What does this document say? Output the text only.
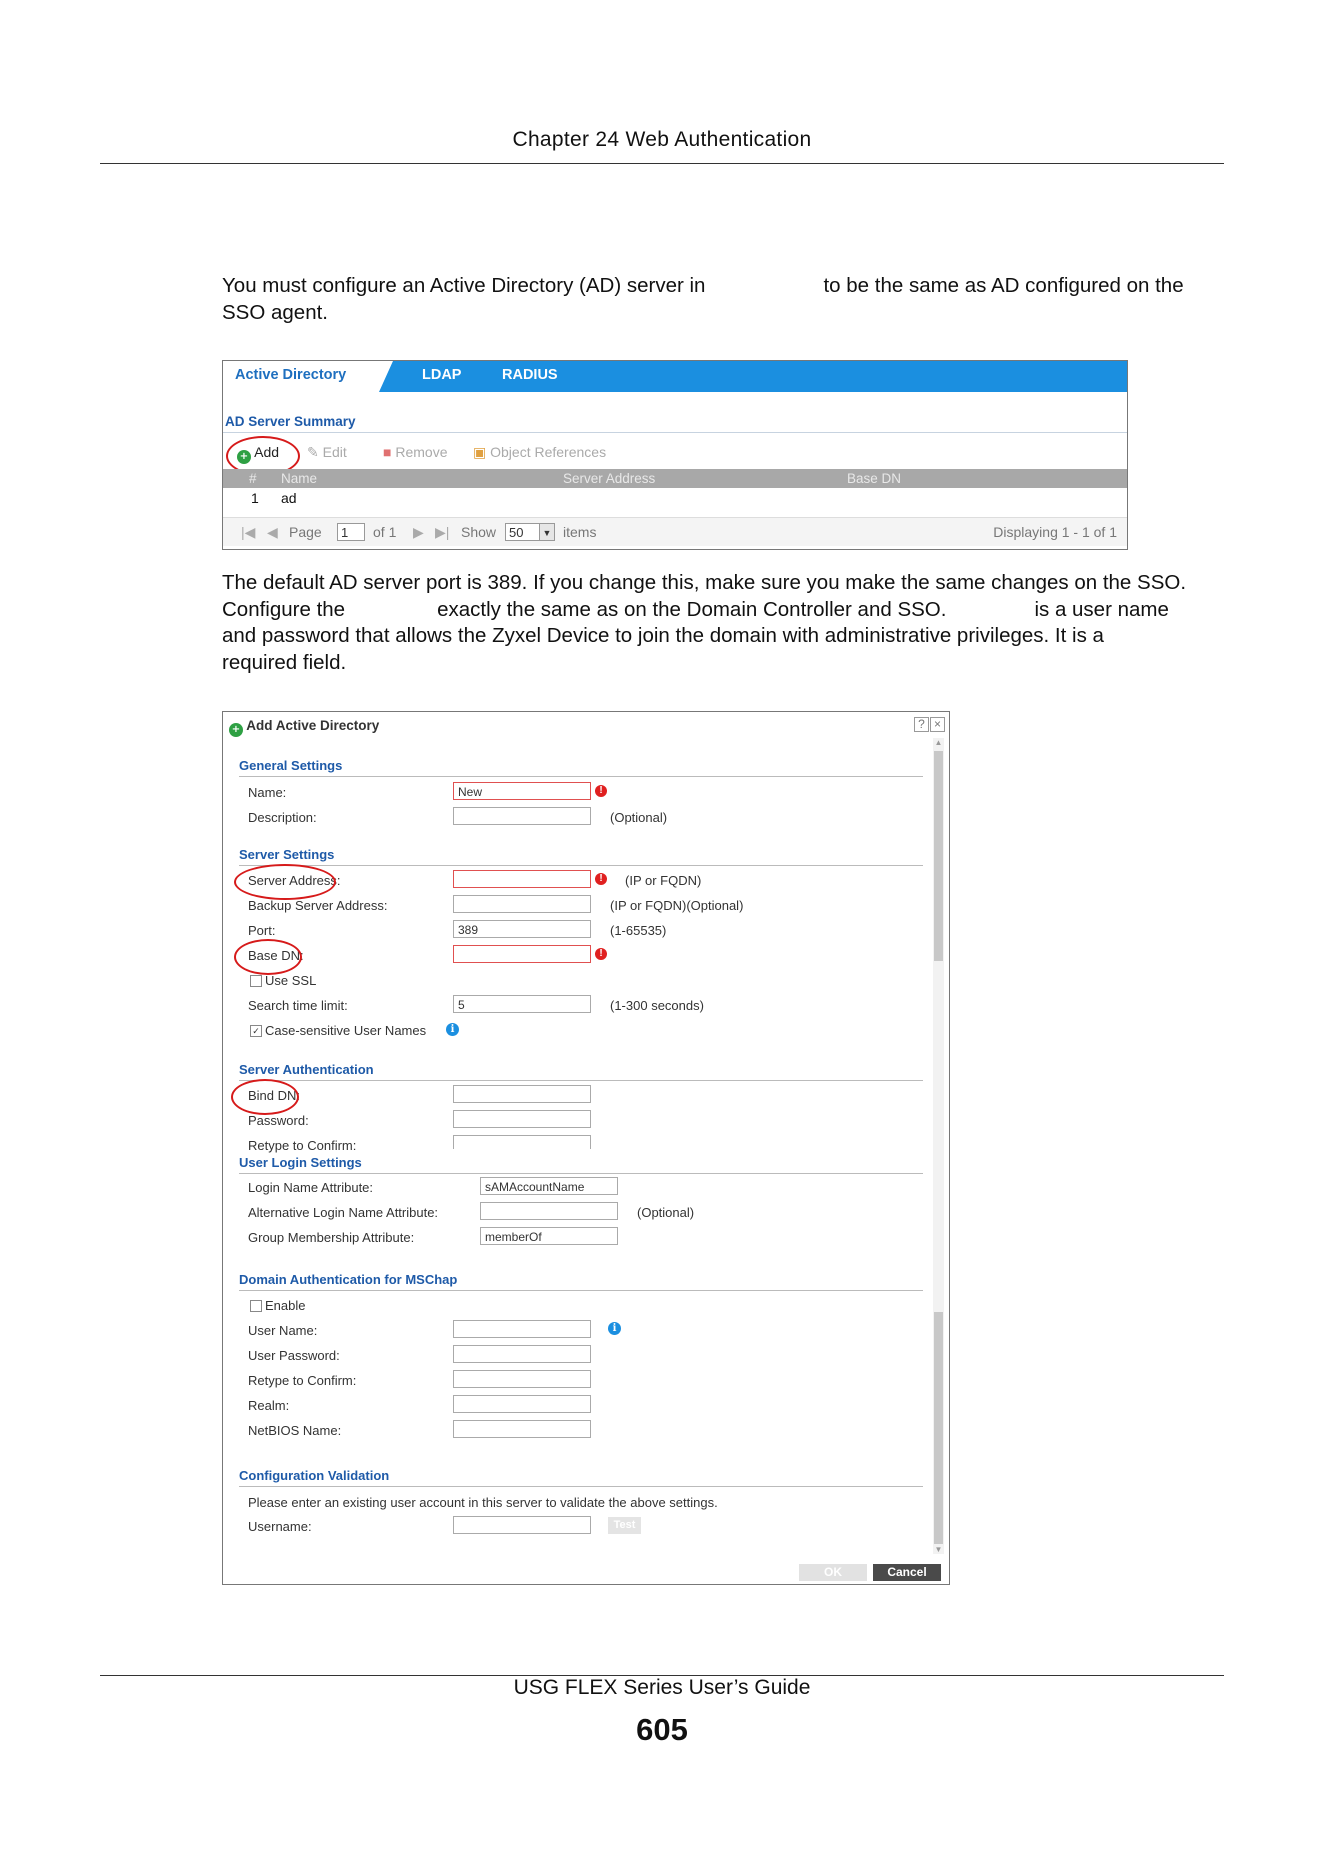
Chapter 24 Web Authentication
You must configure an Active Directory (AD) server in	to be the same as AD configured on the SSO agent.
Active Directory	LDAP	RADIUS
AD Server Summary
+ Add ✎ Edit	■ Remove ▣ Object References
# Name	Server Address	Base DN
1 ad
|◀ ◀ Page	1	of 1 ▶ ▶| Show 50	▼ items	Displaying 1 - 1 of 1
The default AD server port is 389. If you change this, make sure you make the same changes on the SSO.
Configure the	exactly the same as on the Domain Controller and SSO.	is a user name
and password that allows the Zyxel Device to join the domain with administrative privileges. It is a
required field.
+ Add Active Directory	? ×
General Settings
Name:	New	!
Description:	(Optional)
Server Settings
Server Address:	!	(IP or FQDN)
Backup Server Address:	(IP or FQDN)(Optional)
Port:	389	(1-65535)
Base DN:	!
Use SSL
Search time limit:	5	(1-300 seconds)
✓ Case-sensitive User Names	i
Server Authentication
Bind DN:
Password:
Retype to Confirm:
User Login Settings
Login Name Attribute:	sAMAccountName
Alternative Login Name Attribute:	(Optional)
Group Membership Attribute:	memberOf
Domain Authentication for MSChap
Enable
User Name:	i
User Password:
Retype to Confirm:
Realm:
NetBIOS Name:
Configuration Validation
Please enter an existing user account in this server to validate the above settings.
Username:	Test
▲
▼
OK	Cancel
USG FLEX Series User’s Guide
605
